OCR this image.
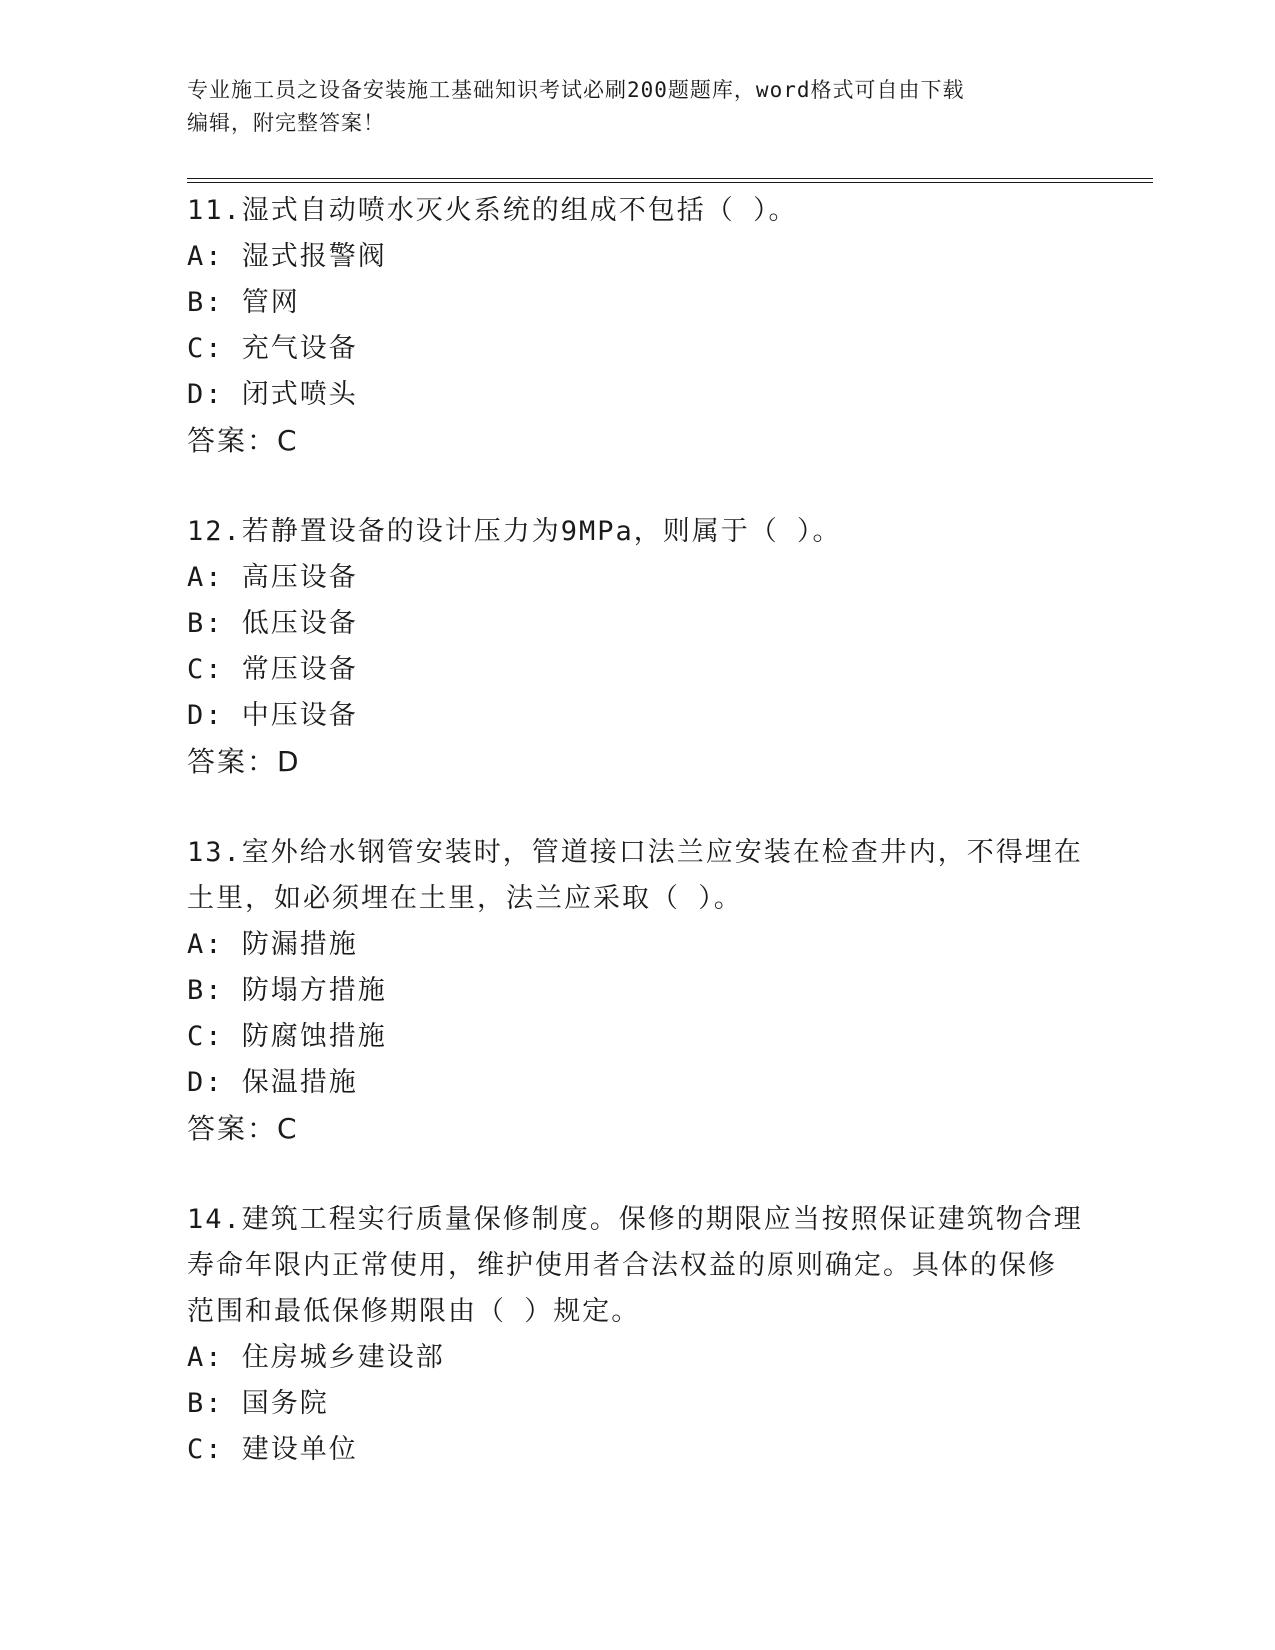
专业施工员之设备安装施工基础知识考试必刷200题题库，word格式可自由下载
编辑，附完整答案！
11.湿式自动喷水灭火系统的组成不包括（ ）。
A: 湿式报警阀
B: 管网
C: 充气设备
D: 闭式喷头
答案：C
12.若静置设备的设计压力为9MPa，则属于（ ）。
A: 高压设备
B: 低压设备
C: 常压设备
D: 中压设备
答案：D
13.室外给水钢管安装时，管道接口法兰应安装在检查井内，不得埋在
土里，如必须埋在土里，法兰应采取（ ）。
A: 防漏措施
B: 防塌方措施
C: 防腐蚀措施
D: 保温措施
答案：C
14.建筑工程实行质量保修制度。保修的期限应当按照保证建筑物合理
寿命年限内正常使用，维护使用者合法权益的原则确定。具体的保修
范围和最低保修期限由（ ）规定。
A: 住房城乡建设部
B: 国务院
C: 建设单位
